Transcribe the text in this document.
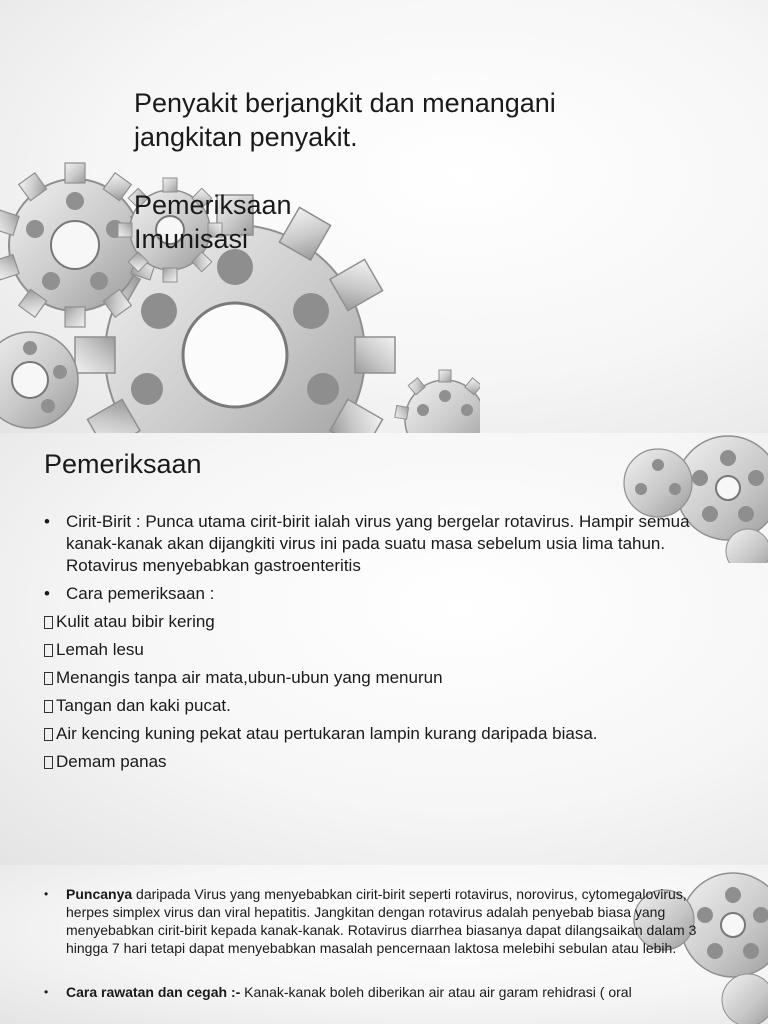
Penyakit berjangkit dan menangani
jangkitan penyakit.
Pemeriksaan
Imunisasi
Pemeriksaan
• Cirit-Birit : Punca utama cirit-birit ialah virus yang bergelar rotavirus. Hampir semua kanak-kanak akan dijangkiti virus ini pada suatu masa sebelum usia lima tahun. Rotavirus menyebabkan gastroenteritis
• Cara pemeriksaan :
Kulit atau bibir kering
Lemah lesu
Menangis tanpa air mata,ubun-ubun yang menurun
Tangan dan kaki pucat.
Air kencing kuning pekat atau pertukaran lampin kurang daripada biasa.
Demam panas
• Puncanya daripada Virus yang menyebabkan cirit-birit seperti rotavirus, norovirus, cytomegalovirus, herpes simplex virus dan viral hepatitis. Jangkitan dengan rotavirus adalah penyebab biasa yang menyebabkan cirit-birit kepada kanak-kanak. Rotavirus diarrhea biasanya dapat dilangsaikan dalam 3 hingga 7 hari tetapi dapat menyebabkan masalah pencernaan laktosa melebihi sebulan atau lebih.
• Cara rawatan dan cegah :- Kanak-kanak boleh diberikan air atau air garam rehidrasi ( oral
